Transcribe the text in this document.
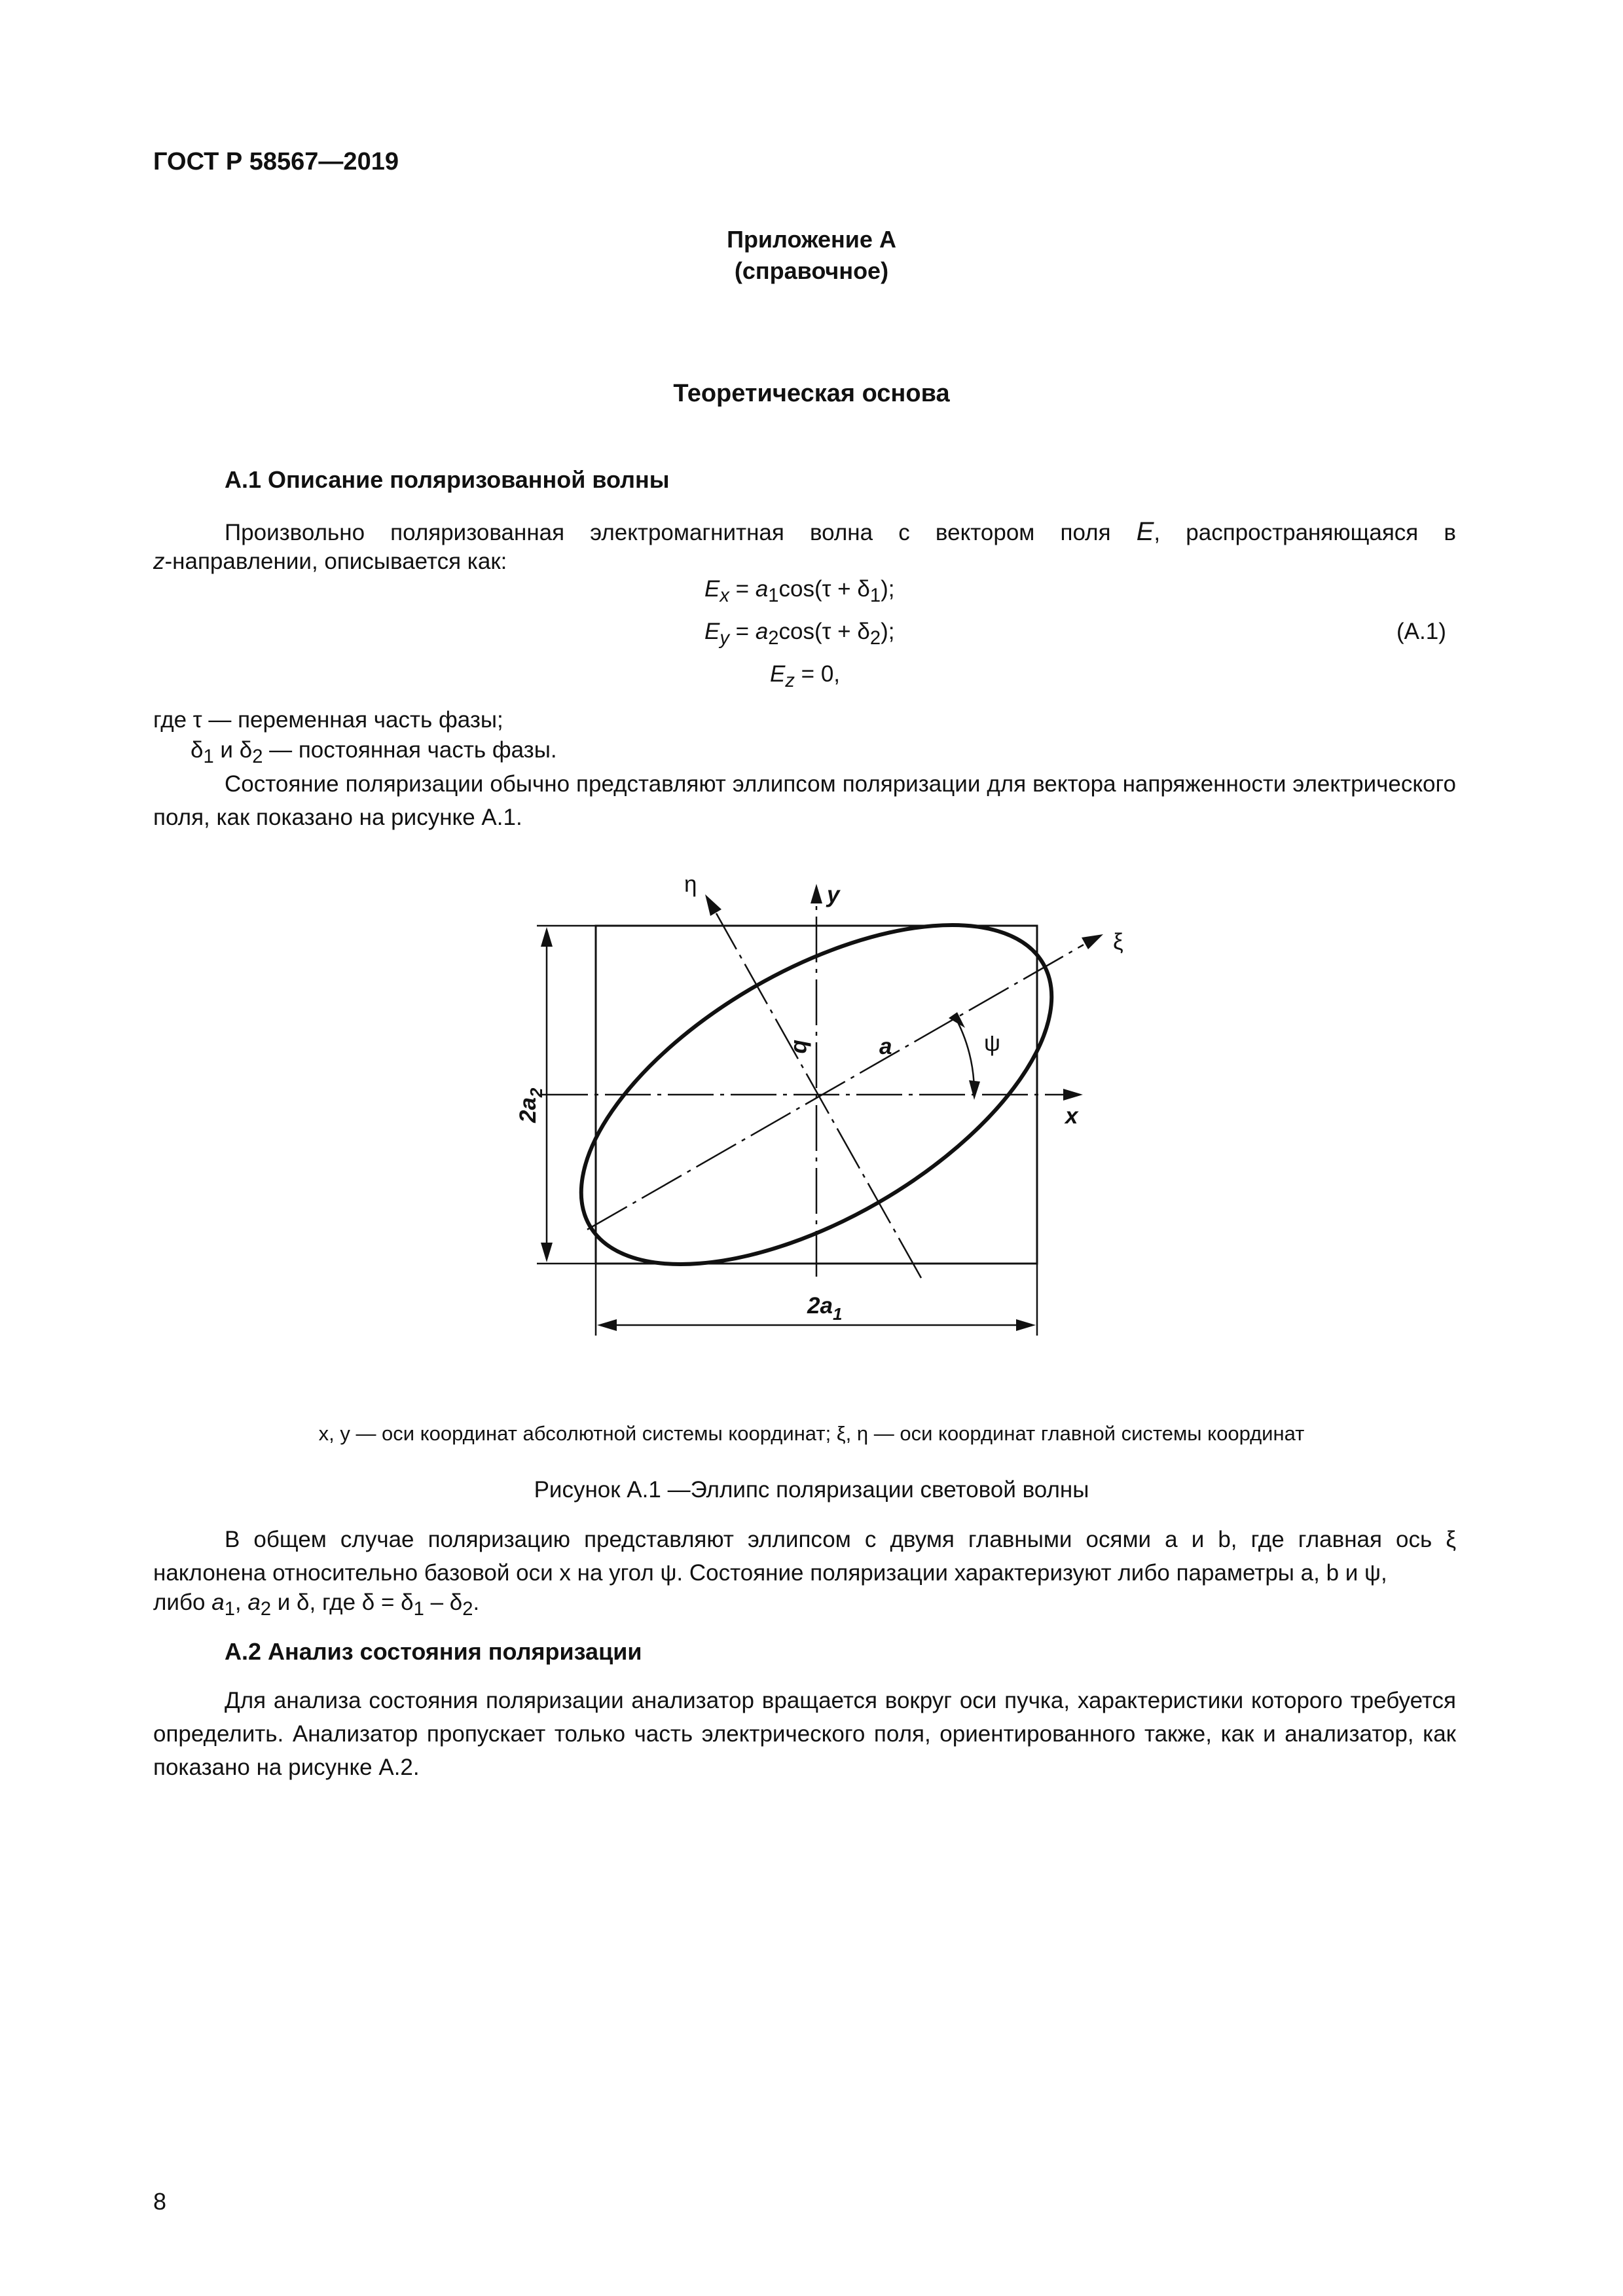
ГОСТ Р 58567—2019
Приложение А
(справочное)
Теоретическая основа
А.1 Описание поляризованной волны
Произвольно поляризованная электромагнитная волна с вектором поля E, распространяющаяся в
z-направлении, описывается как:
$E_x = a_1\cos(\tau + \delta_1)$;
$E_y = a_2\cos(\tau + \delta_2)$;	(А.1)
$E_z = 0$,
где τ — переменная часть фазы;
$\delta_1$ и $\delta_2$ — постоянная часть фазы.
Состояние поляризации обычно представляют эллипсом поляризации для вектора напряженности электрического поля, как показано на рисунке А.1.
η	y
ξ
b	a	ψ
x
$2a_1$
$2a_2$
x, y — оси координат абсолютной системы координат; ξ, η — оси координат главной системы координат
Рисунок А.1 —Эллипс поляризации световой волны
В общем случае поляризацию представляют эллипсом с двумя главными осями a и b, где главная ось ξ наклонена относительно базовой оси x на угол ψ. Состояние поляризации характеризуют либо параметры a, b и ψ,
либо $a_1$, $a_2$ и δ, где $\delta = \delta_1 - \delta_2$.
А.2 Анализ состояния поляризации
Для анализа состояния поляризации анализатор вращается вокруг оси пучка, характеристики которого требуется определить. Анализатор пропускает только часть электрического поля, ориентированного также, как и анализатор, как показано на рисунке А.2.
8
